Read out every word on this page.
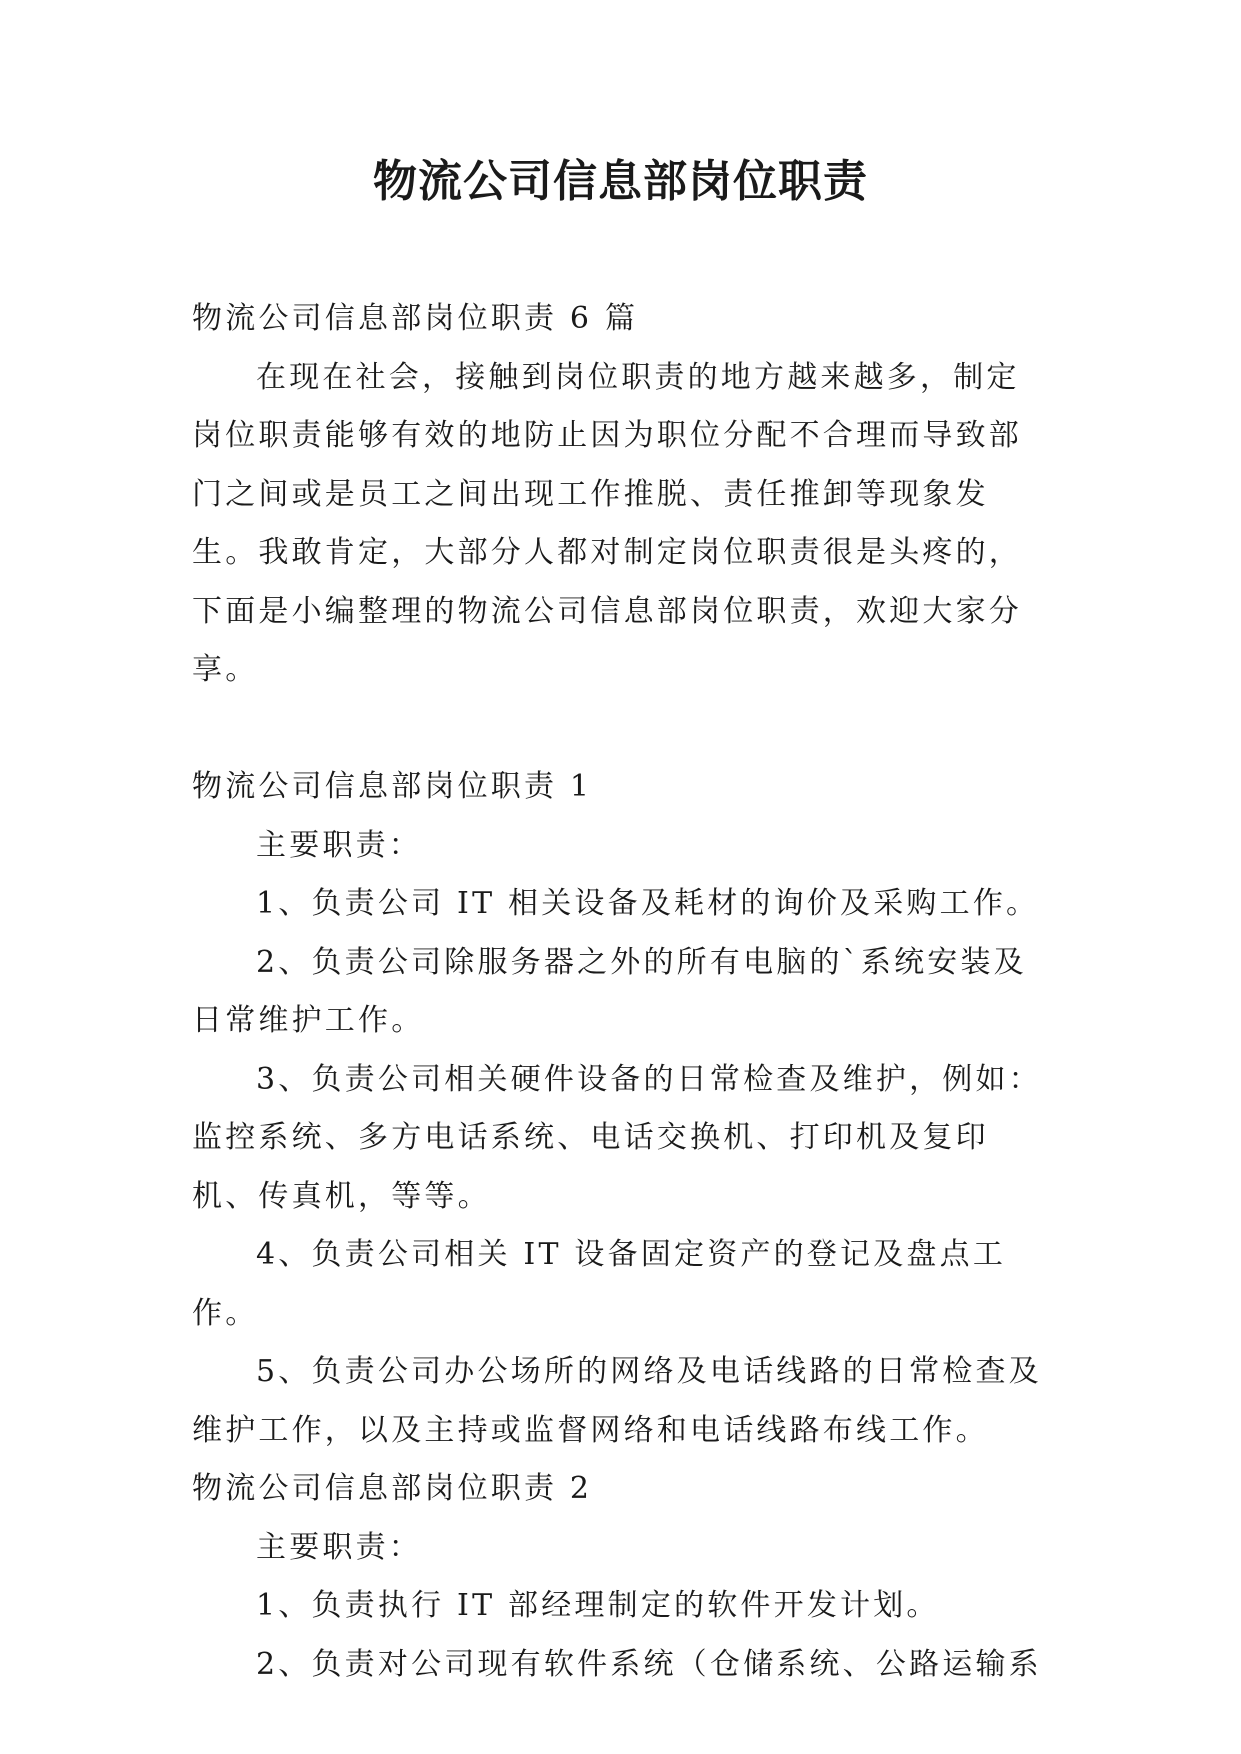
物流公司信息部岗位职责

物流公司信息部岗位职责 6 篇

在现在社会，接触到岗位职责的地方越来越多，制定岗位职责能够有效的地防止因为职位分配不合理而导致部门之间或是员工之间出现工作推脱、责任推卸等现象发生。我敢肯定，大部分人都对制定岗位职责很是头疼的，下面是小编整理的物流公司信息部岗位职责，欢迎大家分享。

物流公司信息部岗位职责 1

主要职责：

1、负责公司 IT 相关设备及耗材的询价及采购工作。

2、负责公司除服务器之外的所有电脑的`系统安装及日常维护工作。

3、负责公司相关硬件设备的日常检查及维护，例如：监控系统、多方电话系统、电话交换机、打印机及复印机、传真机，等等。

4、负责公司相关 IT 设备固定资产的登记及盘点工作。

5、负责公司办公场所的网络及电话线路的日常检查及维护工作，以及主持或监督网络和电话线路布线工作。

物流公司信息部岗位职责 2

主要职责：

1、负责执行 IT 部经理制定的软件开发计划。

2、负责对公司现有软件系统（仓储系统、公路运输系
